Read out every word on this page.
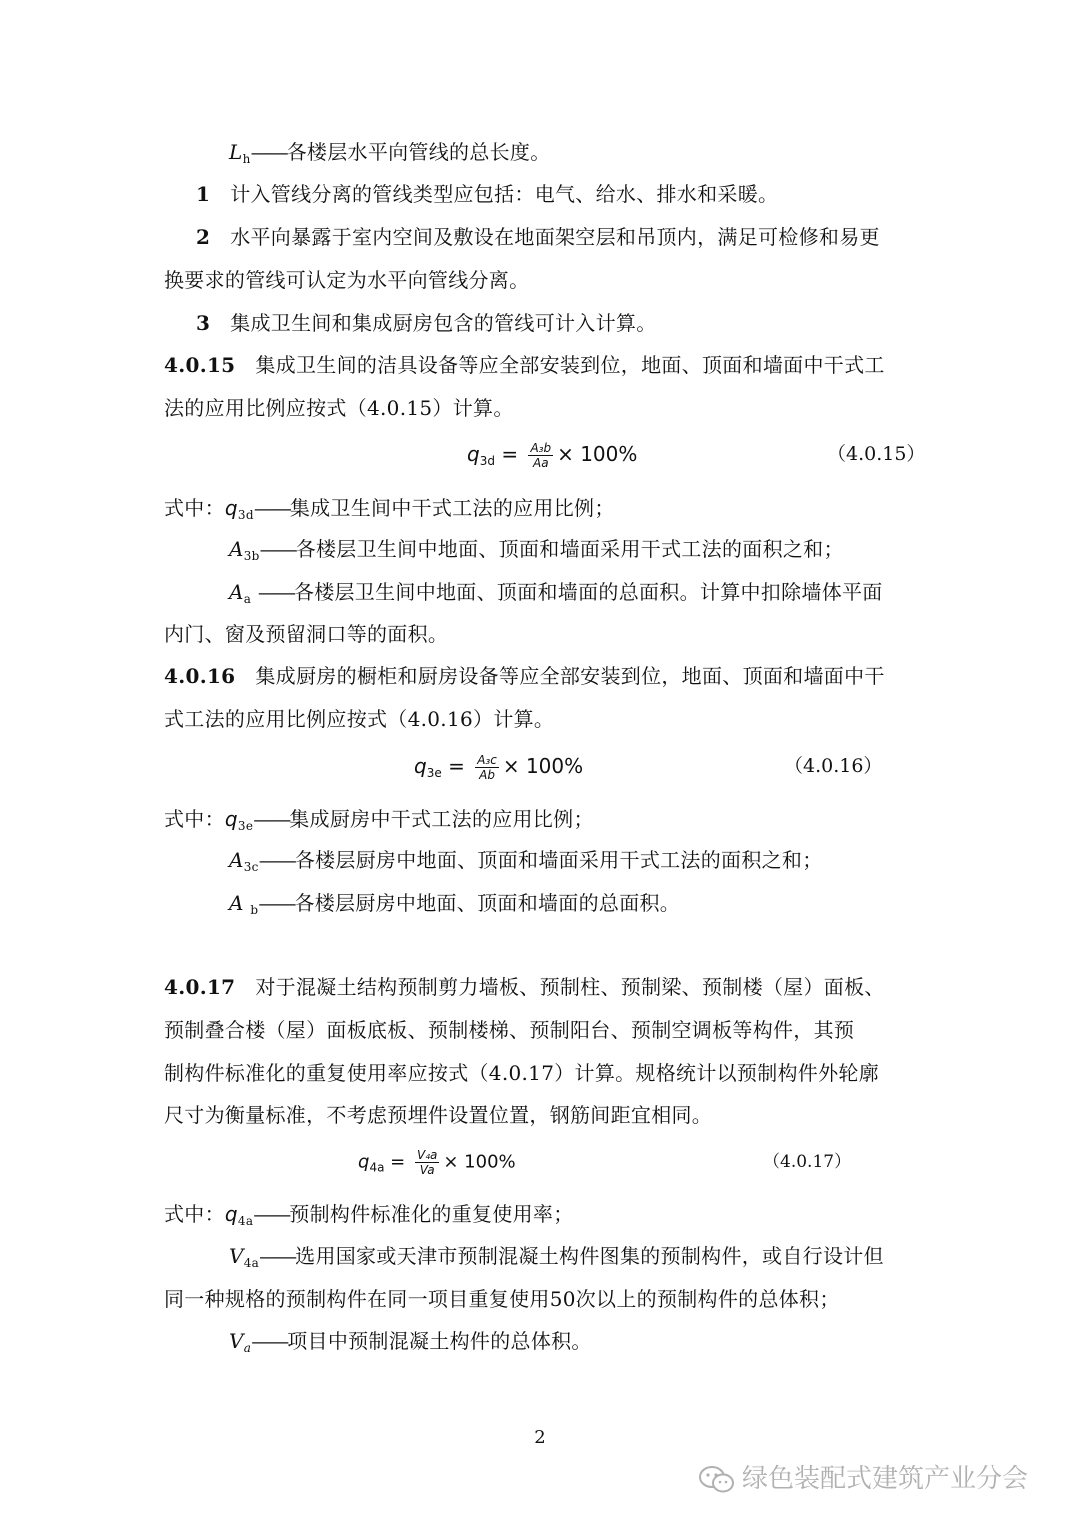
$L_h——$各楼层水平向管线的总长度。
1 计入管线分离的管线类型应包括：电气、给水、排水和采暖。
2 水平向暴露于室内空间及敷设在地面架空层和吊顶内，满足可检修和易更
换要求的管线可认定为水平向管线分离。
3 集成卫生间和集成厨房包含的管线可计入计算。
4.0.15 集成卫生间的洁具设备等应全部安装到位，地面、顶面和墙面中干式工
法的应用比例应按式（4.0.15）计算。
$q_{3d} = \frac{\text{A₃b}}{Aa} \times 100\%$	（4.0.15）
式中：$q_{3d}——$集成卫生间中干式工法的应用比例；
$A_{3b}——$各楼层卫生间中地面、顶面和墙面采用干式工法的面积之和；
$A_a$ ——各楼层卫生间中地面、顶面和墙面的总面积。计算中扣除墙体平面
内门、窗及预留洞口等的面积。
4.0.16 集成厨房的橱柜和厨房设备等应全部安装到位，地面、顶面和墙面中干
式工法的应用比例应按式（4.0.16）计算。
$q_{3e} = \frac{\text{A₃c}}{Ab} \times 100\%$	（4.0.16）
式中：$q_{3e}——$集成厨房中干式工法的应用比例；
$A_{3c}——$各楼层厨房中地面、顶面和墙面采用干式工法的面积之和；
A $_b$——各楼层厨房中地面、顶面和墙面的总面积。
4.0.17 对于混凝土结构预制剪力墙板、预制柱、预制梁、预制楼（屋）面板、
预制叠合楼（屋）面板底板、预制楼梯、预制阳台、预制空调板等构件，其预
制构件标准化的重复使用率应按式（4.0.17）计算。规格统计以预制构件外轮廓
尺寸为衡量标准，不考虑预埋件设置位置，钢筋间距宜相同。
$q_{4a} = \frac{\text{V₄a}}{Va} \times 100\%$	（4.0.17）
式中：$q_{4a}——$预制构件标准化的重复使用率；
$V_{4a}——$选用国家或天津市预制混凝土构件图集的预制构件，或自行设计但
同一种规格的预制构件在同一项目重复使用50次以上的预制构件的总体积；
$V_a——$项目中预制混凝土构件的总体积。
2
绿色装配式建筑产业分会
